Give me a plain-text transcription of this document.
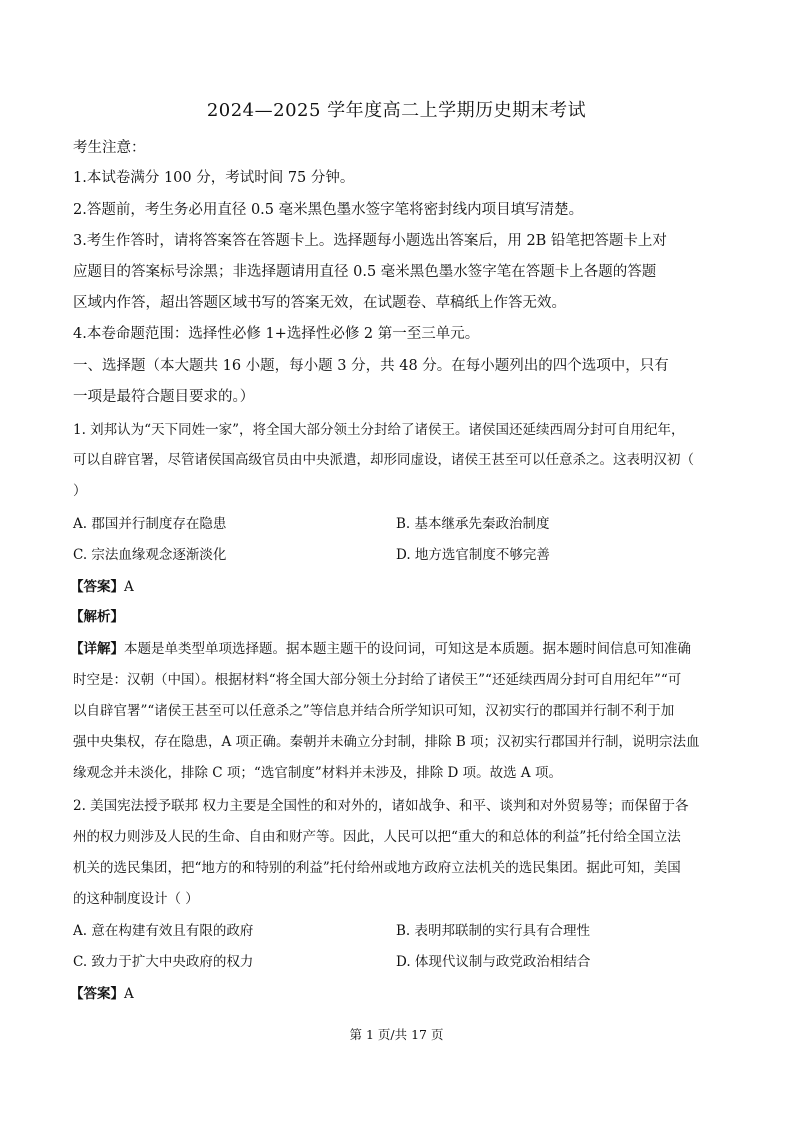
2024—2025 学年度高二上学期历史期末考试
考生注意：
1.本试卷满分 100 分，考试时间 75 分钟。
2.答题前，考生务必用直径 0.5 毫米黑色墨水签字笔将密封线内项目填写清楚。
3.考生作答时，请将答案答在答题卡上。选择题每小题选出答案后，用 2B 铅笔把答题卡上对
应题目的答案标号涂黑；非选择题请用直径 0.5 毫米黑色墨水签字笔在答题卡上各题的答题
区域内作答，超出答题区域书写的答案无效，在试题卷、草稿纸上作答无效。
4.本卷命题范围：选择性必修 1+选择性必修 2 第一至三单元。
一、选择题（本大题共 16 小题，每小题 3 分，共 48 分。在每小题列出的四个选项中，只有
一项是最符合题目要求的。）
1. 刘邦认为“天下同姓一家”，将全国大部分领土分封给了诸侯王。诸侯国还延续西周分封可自用纪年，
可以自辟官署，尽管诸侯国高级官员由中央派遣，却形同虚设，诸侯王甚至可以任意杀之。这表明汉初（
）
A. 郡国并行制度存在隐患	B. 基本继承先秦政治制度
C. 宗法血缘观念逐渐淡化	D. 地方选官制度不够完善
【答案】A
【解析】
【详解】本题是单类型单项选择题。据本题主题干的设问词，可知这是本质题。据本题时间信息可知准确
时空是：汉朝（中国）。根据材料“将全国大部分领土分封给了诸侯王”“还延续西周分封可自用纪年”“可
以自辟官署”“诸侯王甚至可以任意杀之”等信息并结合所学知识可知，汉初实行的郡国并行制不利于加
强中央集权，存在隐患，A 项正确。秦朝并未确立分封制，排除 B 项；汉初实行郡国并行制，说明宗法血
缘观念并未淡化，排除 C 项；“选官制度”材料并未涉及，排除 D 项。故选 A 项。
2. 美国宪法授予联邦 权力主要是全国性的和对外的，诸如战争、和平、谈判和对外贸易等；而保留于各
州的权力则涉及人民的生命、自由和财产等。因此，人民可以把“重大的和总体的利益”托付给全国立法
机关的选民集团，把“地方的和特别的利益”托付给州或地方政府立法机关的选民集团。据此可知，美国
的这种制度设计（ ）
A. 意在构建有效且有限的政府	B. 表明邦联制的实行具有合理性
C. 致力于扩大中央政府的权力	D. 体现代议制与政党政治相结合
【答案】A
第 1 页/共 17 页
